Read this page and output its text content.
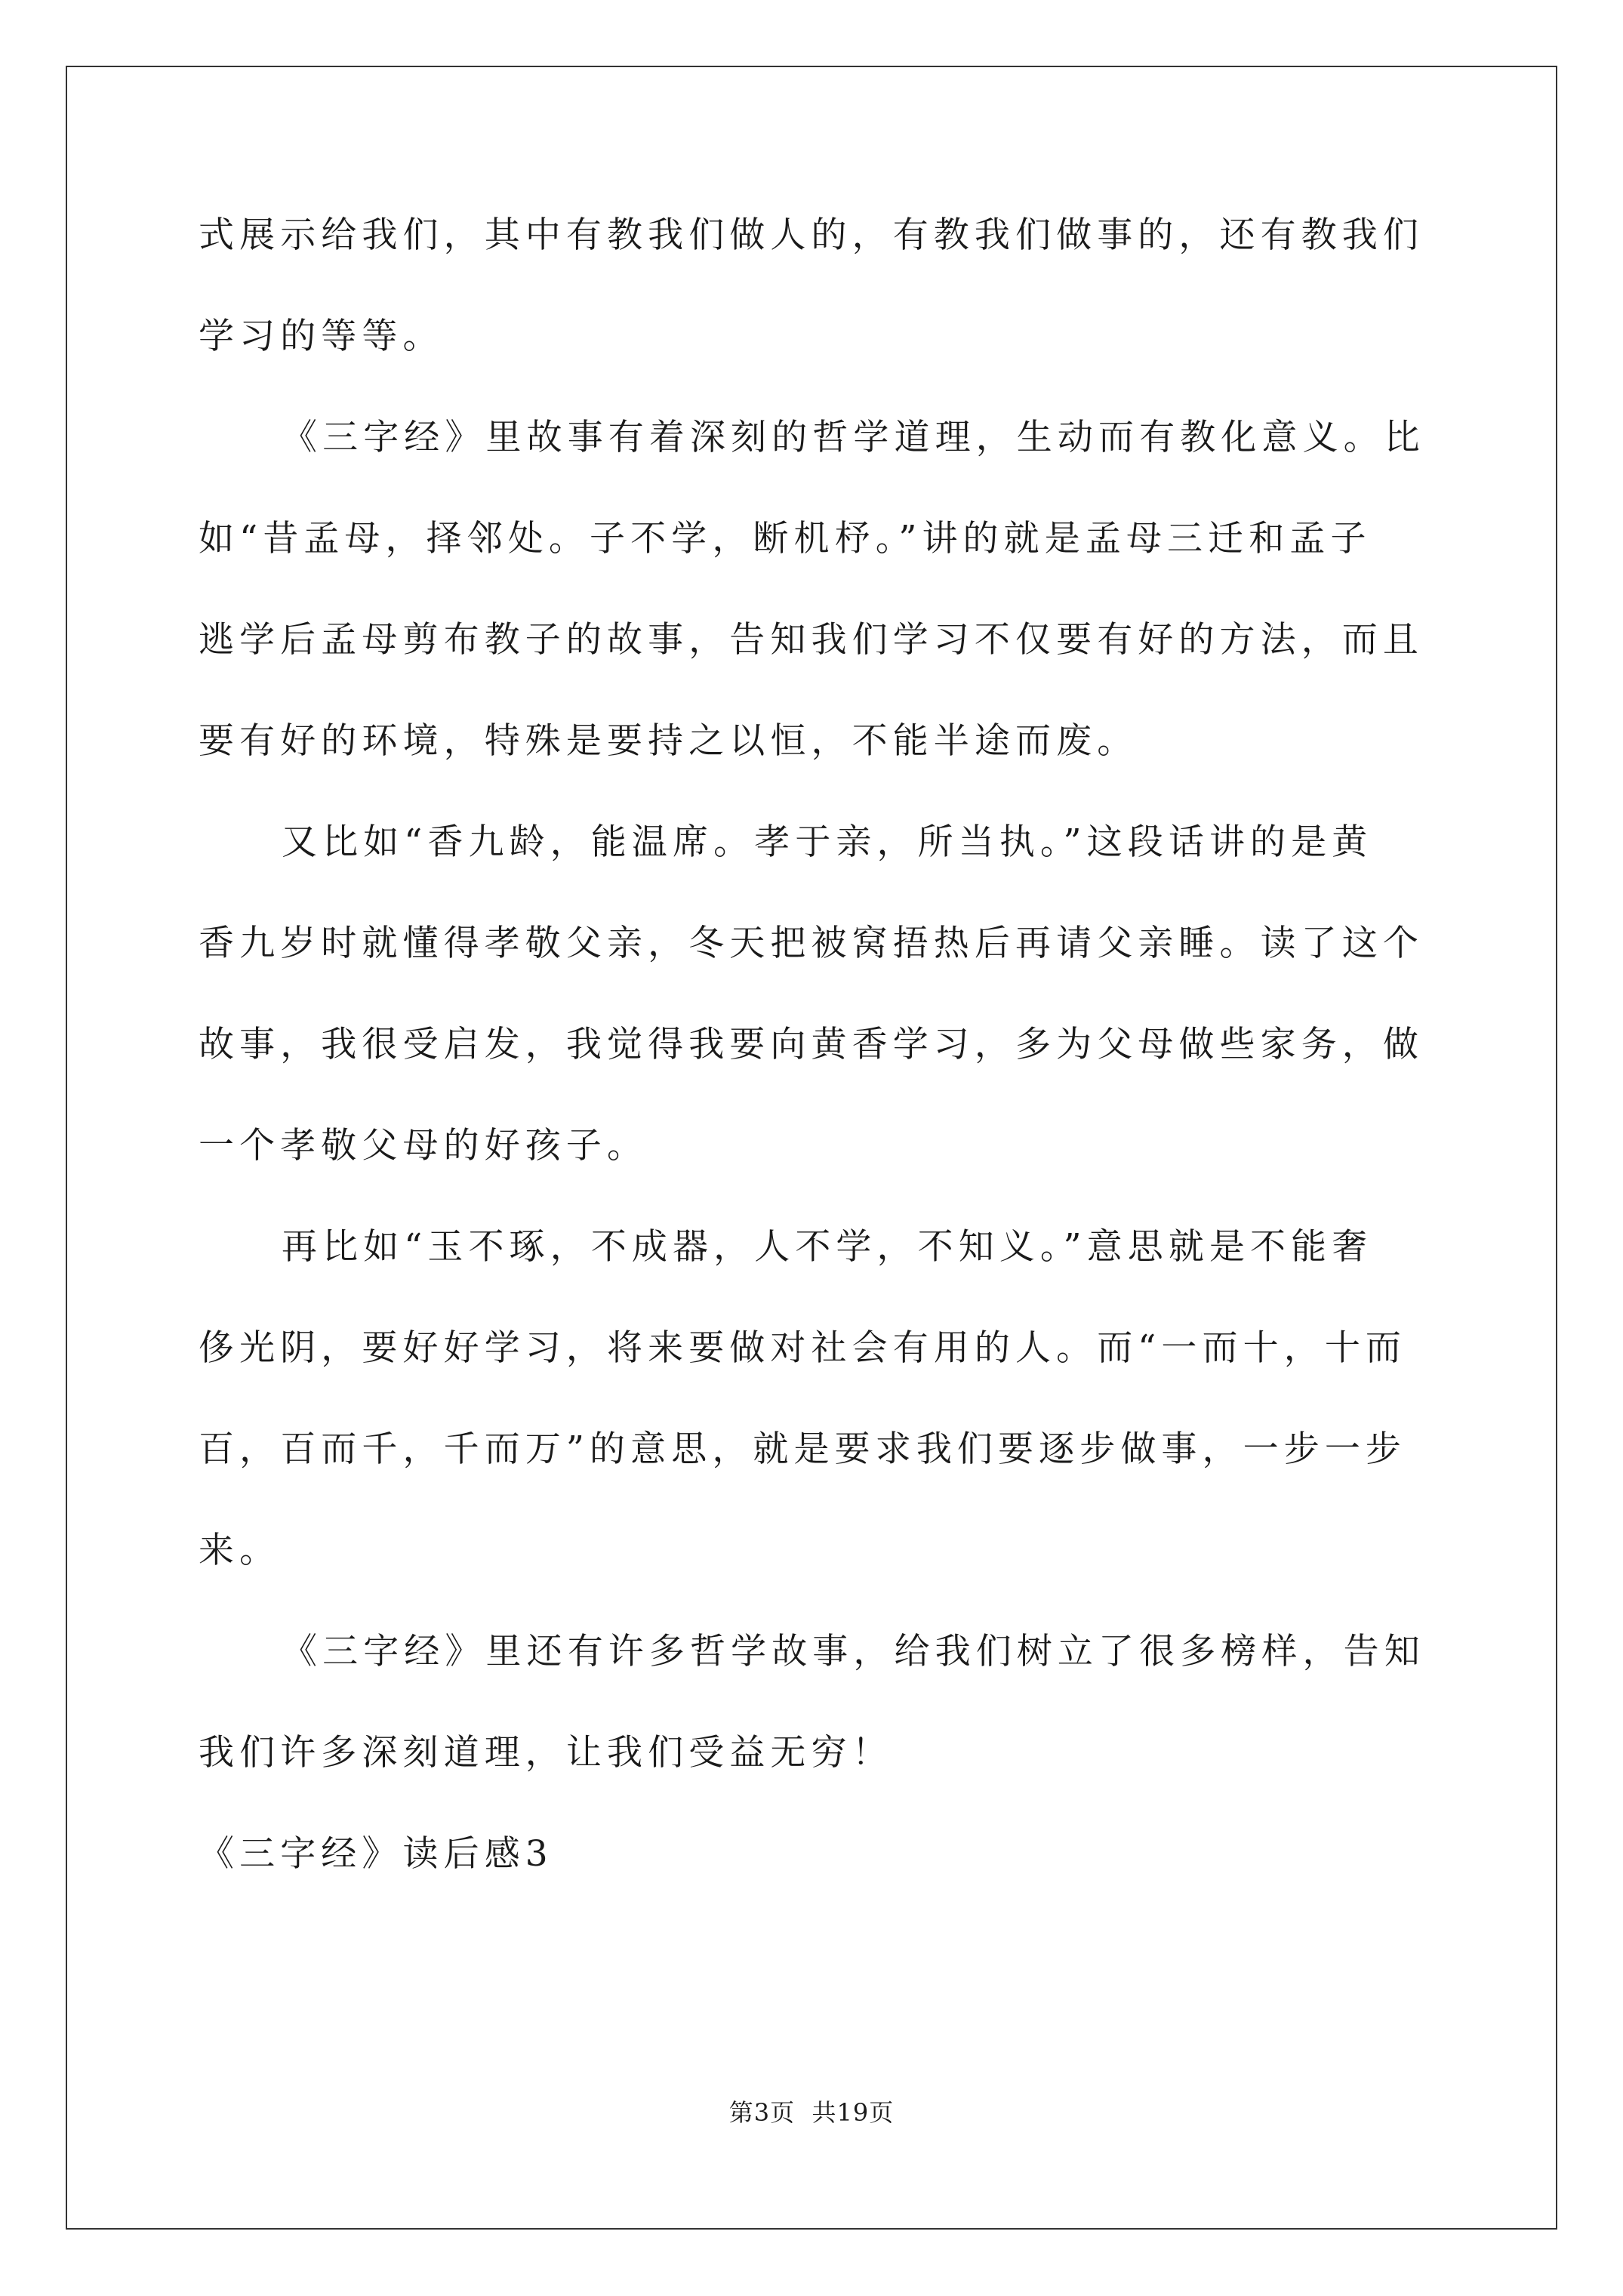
式展示给我们，其中有教我们做人的，有教我们做事的，还有教我们
学习的等等。
《三字经》里故事有着深刻的哲学道理，生动而有教化意义。比
如“昔孟母，择邻处。子不学，断机杼。”讲的就是孟母三迁和孟子
逃学后孟母剪布教子的故事，告知我们学习不仅要有好的方法，而且
要有好的环境，特殊是要持之以恒，不能半途而废。
又比如“香九龄，能温席。孝于亲，所当执。”这段话讲的是黄
香九岁时就懂得孝敬父亲，冬天把被窝捂热后再请父亲睡。读了这个
故事，我很受启发，我觉得我要向黄香学习，多为父母做些家务，做
一个孝敬父母的好孩子。
再比如“玉不琢，不成器，人不学，不知义。”意思就是不能奢
侈光阴，要好好学习，将来要做对社会有用的人。而“一而十，十而
百，百而千，千而万”的意思，就是要求我们要逐步做事，一步一步
来。
《三字经》里还有许多哲学故事，给我们树立了很多榜样，告知
我们许多深刻道理，让我们受益无穷！
《三字经》读后感3
第3页  共19页
